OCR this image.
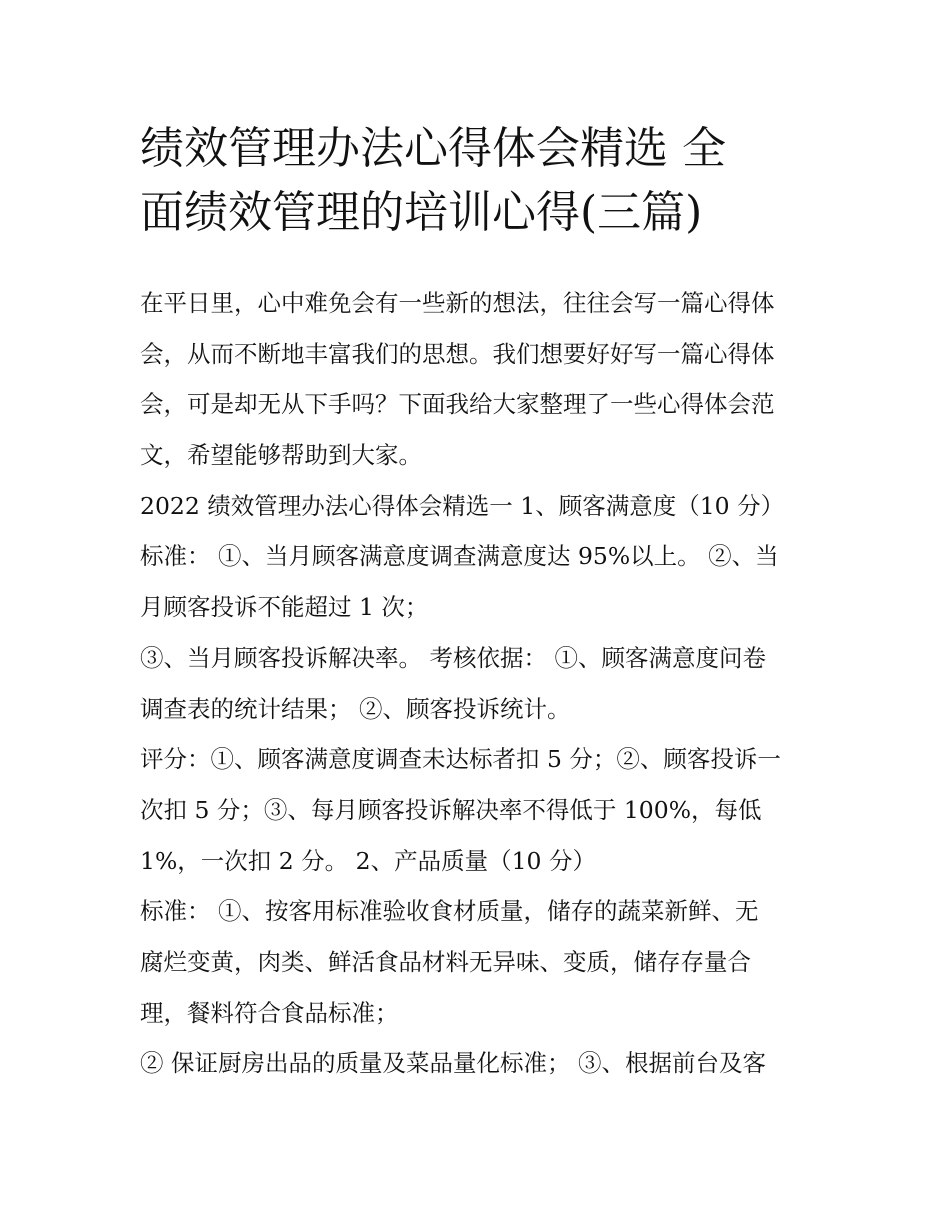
绩效管理办法心得体会精选 全
面绩效管理的培训心得(三篇)

在平日里，心中难免会有一些新的想法，往往会写一篇心得体
会，从而不断地丰富我们的思想。我们想要好好写一篇心得体
会，可是却无从下手吗？下面我给大家整理了一些心得体会范
文，希望能够帮助到大家。

2022 绩效管理办法心得体会精选一 1、顾客满意度（10 分）
标准： ①、当月顾客满意度调查满意度达 95%以上。 ②、当
月顾客投诉不能超过 1 次；

③、当月顾客投诉解决率。 考核依据： ①、顾客满意度问卷
调查表的统计结果； ②、顾客投诉统计。

评分：①、顾客满意度调查未达标者扣 5 分；②、顾客投诉一
次扣 5 分；③、每月顾客投诉解决率不得低于 100%，每低
1%，一次扣 2 分。 2、产品质量（10 分）

标准： ①、按客用标准验收食材质量，储存的蔬菜新鲜、无
腐烂变黄，肉类、鲜活食品材料无异味、变质，储存存量合
理，餐料符合食品标准；

② 保证厨房出品的质量及菜品量化标准； ③、根据前台及客
